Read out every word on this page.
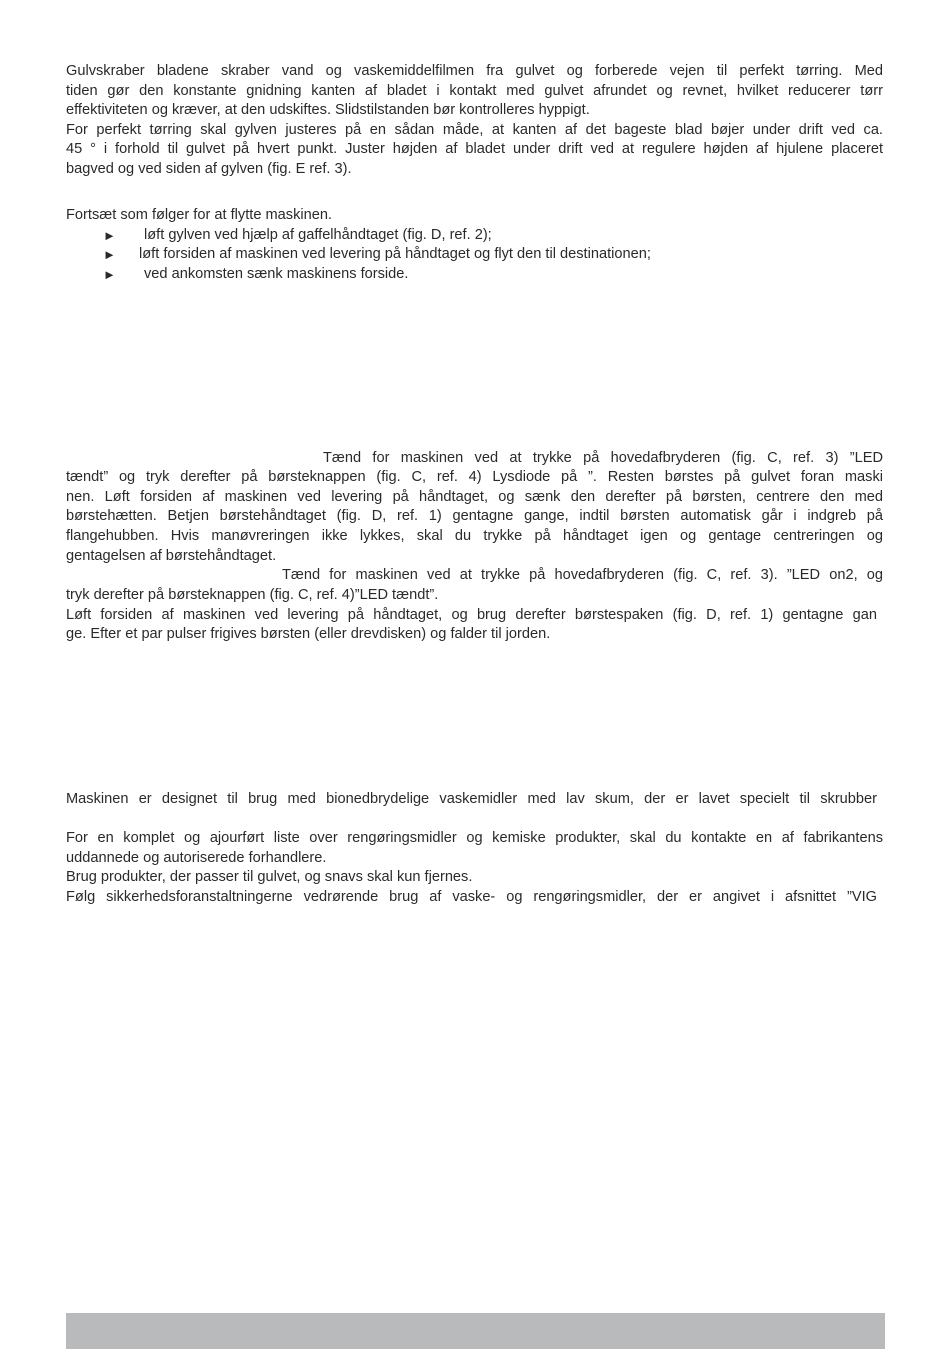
Gulvskraber bladene skraber vand og vaskemiddelfilmen fra gulvet og forberede vejen til perfekt tørring. Med

tiden gør den konstante gnidning kanten af bladet i kontakt med gulvet afrundet og revnet, hvilket reducerer tørr

effektiviteten og kræver, at den udskiftes. Slidstilstanden bør kontrolleres hyppigt.

For perfekt tørring skal gylven justeres på en sådan måde, at kanten af det bageste blad bøjer under drift ved ca.

45 ° i forhold til gulvet på hvert punkt. Juster højden af bladet under drift ved at regulere højden af hjulene placeret

bagved og ved siden af gylven (fig. E ref. 3).

Fortsæt som følger for at flytte maskinen.

► løft gylven ved hjælp af gaffelhåndtaget (fig. D, ref. 2);
► løft forsiden af maskinen ved levering på håndtaget og flyt den til destinationen;
► ved ankomsten sænk maskinens forside.

Tænd for maskinen ved at trykke på hovedafbryderen (fig. C, ref. 3) ”LED

tændt” og tryk derefter på børsteknappen (fig. C, ref. 4) Lysdiode på ”. Resten børstes på gulvet foran maski

nen. Løft forsiden af maskinen ved levering på håndtaget, og sænk den derefter på børsten, centrere den med

børstehætten. Betjen børstehåndtaget (fig. D, ref. 1) gentagne gange, indtil børsten automatisk går i indgreb på

flangehubben. Hvis manøvreringen ikke lykkes, skal du trykke på håndtaget igen og gentage centreringen og

gentagelsen af børstehåndtaget.

Tænd for maskinen ved at trykke på hovedafbryderen (fig. C, ref. 3). ”LED on2, og

tryk derefter på børsteknappen (fig. C, ref. 4)”LED tændt”.

Løft forsiden af maskinen ved levering på håndtaget, og brug derefter børstespaken (fig. D, ref. 1) gentagne gan

ge. Efter et par pulser frigives børsten (eller drevdisken) og falder til jorden.

Maskinen er designet til brug med bionedbrydelige vaskemidler med lav skum, der er lavet specielt til skrubber

For en komplet og ajourført liste over rengøringsmidler og kemiske produkter, skal du kontakte en af fabrikantens

uddannede og autoriserede forhandlere.

Brug produkter, der passer til gulvet, og snavs skal kun fjernes.

Følg sikkerhedsforanstaltningerne vedrørende brug af vaske- og rengøringsmidler, der er angivet i afsnittet ”VIG
